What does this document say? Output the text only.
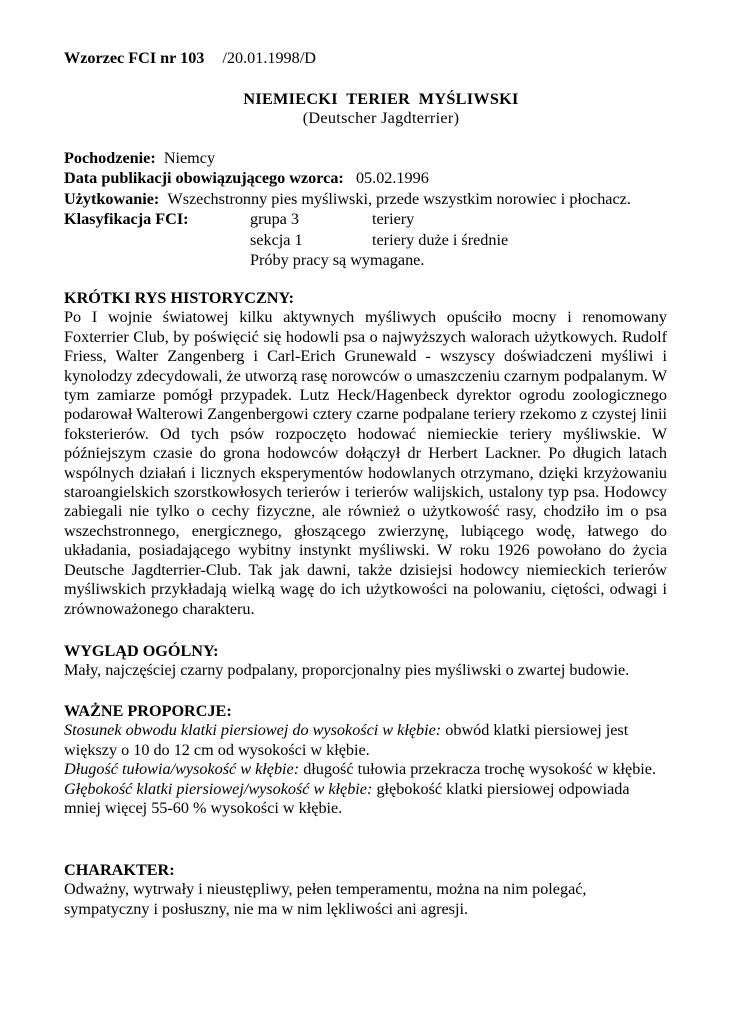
Wzorzec FCI nr 103 /20.01.1998/D
NIEMIECKI  TERIER  MYŚLIWSKI
(Deutscher Jagdterrier)
Pochodzenie: Niemcy
Data publikacji obowiązującego wzorca: 05.02.1996
Użytkowanie: Wszechstronny pies myśliwski, przede wszystkim norowiec i płochacz.
Klasyfikacja FCI:	grupa 3	teriery
sekcja 1	teriery duże i średnie
Próby pracy są wymagane.
KRÓTKI RYS HISTORYCZNY:

Po I wojnie światowej kilku aktywnych myśliwych opuściło mocny i renomowany Foxterrier Club, by poświęcić się hodowli psa o najwyższych walorach użytkowych. Rudolf Friess, Walter Zangenberg i Carl-Erich Grunewald - wszyscy doświadczeni myśliwi i kynolodzy zdecydowali, że utworzą rasę norowców o umaszczeniu czarnym podpalanym. W tym zamiarze pomógł przypadek. Lutz Heck/Hagenbeck dyrektor ogrodu zoologicznego podarował Walterowi Zangenbergowi cztery czarne podpalane teriery rzekomo z czystej linii foksterierów. Od tych psów rozpoczęto hodować niemieckie teriery myśliwskie. W późniejszym czasie do grona hodowców dołączył dr Herbert Lackner. Po długich latach wspólnych działań i licznych eksperymentów hodowlanych otrzymano, dzięki krzyżowaniu staroangielskich szorstkowłosych terierów i terierów walijskich, ustalony typ psa. Hodowcy zabiegali nie tylko o cechy fizyczne, ale również o użytkowość rasy, chodziło im o psa wszechstronnego, energicznego, głoszącego zwierzynę, lubiącego wodę, łatwego do układania, posiadającego wybitny instynkt myśliwski. W roku 1926 powołano do życia Deutsche Jagdterrier-Club. Tak jak dawni, także dzisiejsi hodowcy niemieckich terierów myśliwskich przykładają wielką wagę do ich użytkowości na polowaniu, ciętości, odwagi i zrównoważonego charakteru.

WYGLĄD OGÓLNY:

Mały, najczęściej czarny podpalany, proporcjonalny pies myśliwski o zwartej budowie.

WAŻNE PROPORCJE:

Stosunek obwodu klatki piersiowej do wysokości w kłębie: obwód klatki piersiowej jest większy o 10 do 12 cm od wysokości w kłębie.

Długość tułowia/wysokość w kłębie: długość tułowia przekracza trochę wysokość w kłębie.

Głębokość klatki piersiowej/wysokość w kłębie: głębokość klatki piersiowej odpowiada mniej więcej 55-60 % wysokości w kłębie.

CHARAKTER:

Odważny, wytrwały i nieustępliwy, pełen temperamentu, można na nim polegać, sympatyczny i posłuszny, nie ma w nim lękliwości ani agresji.
